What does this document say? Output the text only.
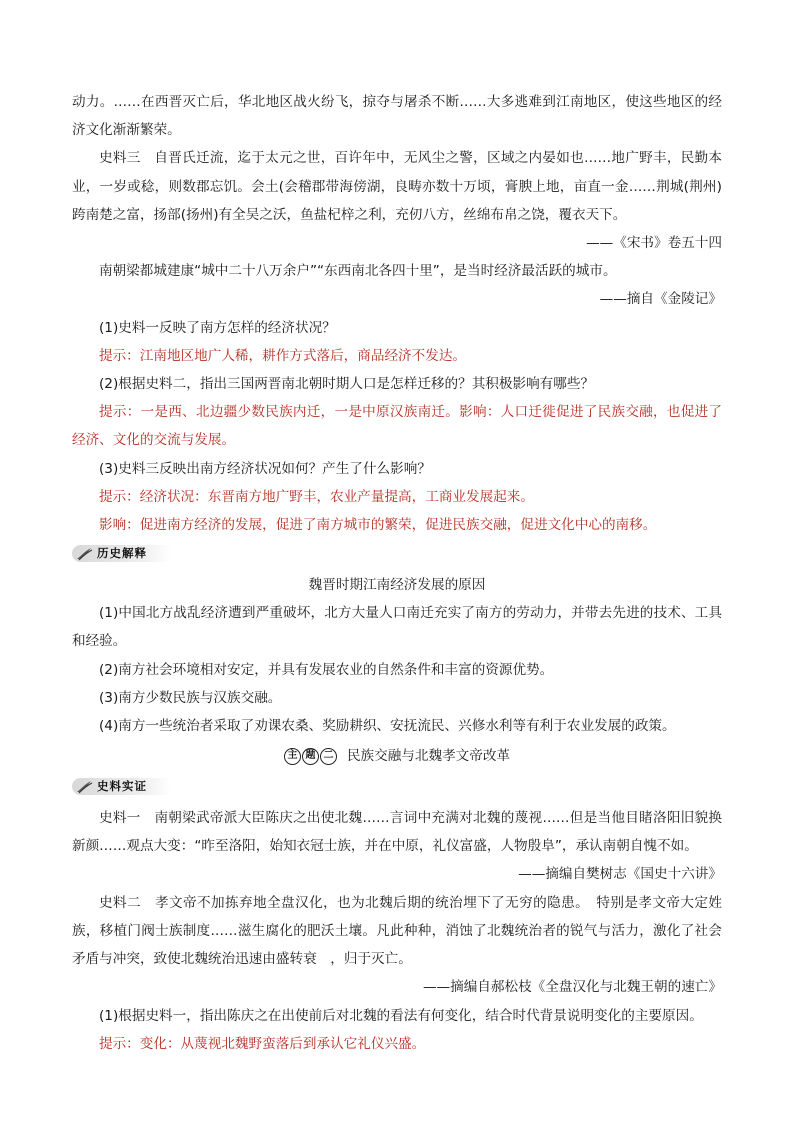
动力。……在西晋灭亡后，华北地区战火纷飞，掠夺与屠杀不断……大多逃难到江南地区，使这些地区的经济文化渐渐繁荣。

史料三　自晋氏迁流，迄于太元之世，百许年中，无风尘之警，区域之内晏如也……地广野丰，民勤本业，一岁或稔，则数郡忘饥。会土(会稽郡带海傍湖，良畴亦数十万顷，膏腴上地，亩直一金……荆城(荆州)跨南楚之富，扬部(扬州)有全吴之沃，鱼盐杞梓之利，充仞八方，丝绵布帛之饶，覆衣天下。

——《宋书》卷五十四

南朝梁都城建康“城中二十八万余户”“东西南北各四十里”，是当时经济最活跃的城市。

——摘自《金陵记》

(1)史料一反映了南方怎样的经济状况？

提示：江南地区地广人稀，耕作方式落后，商品经济不发达。

(2)根据史料二，指出三国两晋南北朝时期人口是怎样迁移的？其积极影响有哪些？

提示：一是西、北边疆少数民族内迁，一是中原汉族南迁。影响：人口迁徙促进了民族交融，也促进了经济、文化的交流与发展。

(3)史料三反映出南方经济状况如何？产生了什么影响？

提示：经济状况：东晋南方地广野丰，农业产量提高，工商业发展起来。

影响：促进南方经济的发展，促进了南方城市的繁荣，促进民族交融，促进文化中心的南移。

历史解释

魏晋时期江南经济发展的原因

(1)中国北方战乱经济遭到严重破坏，北方大量人口南迁充实了南方的劳动力，并带去先进的技术、工具和经验。

(2)南方社会环境相对安定，并具有发展农业的自然条件和丰富的资源优势。

(3)南方少数民族与汉族交融。

(4)南方一些统治者采取了劝课农桑、奖励耕织、安抚流民、兴修水利等有利于农业发展的政策。

主 题 二 民族交融与北魏孝文帝改革
史料实证

史料一　南朝梁武帝派大臣陈庆之出使北魏……言词中充满对北魏的蔑视……但是当他目睹洛阳旧貌换新颜……观点大变：“昨至洛阳，始知衣冠士族，并在中原，礼仪富盛，人物殷阜”，承认南朝自愧不如。

——摘编自樊树志《国史十六讲》

史料二　孝文帝不加拣弃地全盘汉化，也为北魏后期的统治埋下了无穷的隐患。　特别是孝文帝大定姓族，移植门阀士族制度……滋生腐化的肥沃土壤。凡此种种，消蚀了北魏统治者的锐气与活力，激化了社会矛盾与冲突，致使北魏统治迅速由盛转衰　，归于灭亡。

——摘编自郝松枝《全盘汉化与北魏王朝的速亡》

(1)根据史料一，指出陈庆之在出使前后对北魏的看法有何变化，结合时代背景说明变化的主要原因。

提示：变化：从蔑视北魏野蛮落后到承认它礼仪兴盛。
